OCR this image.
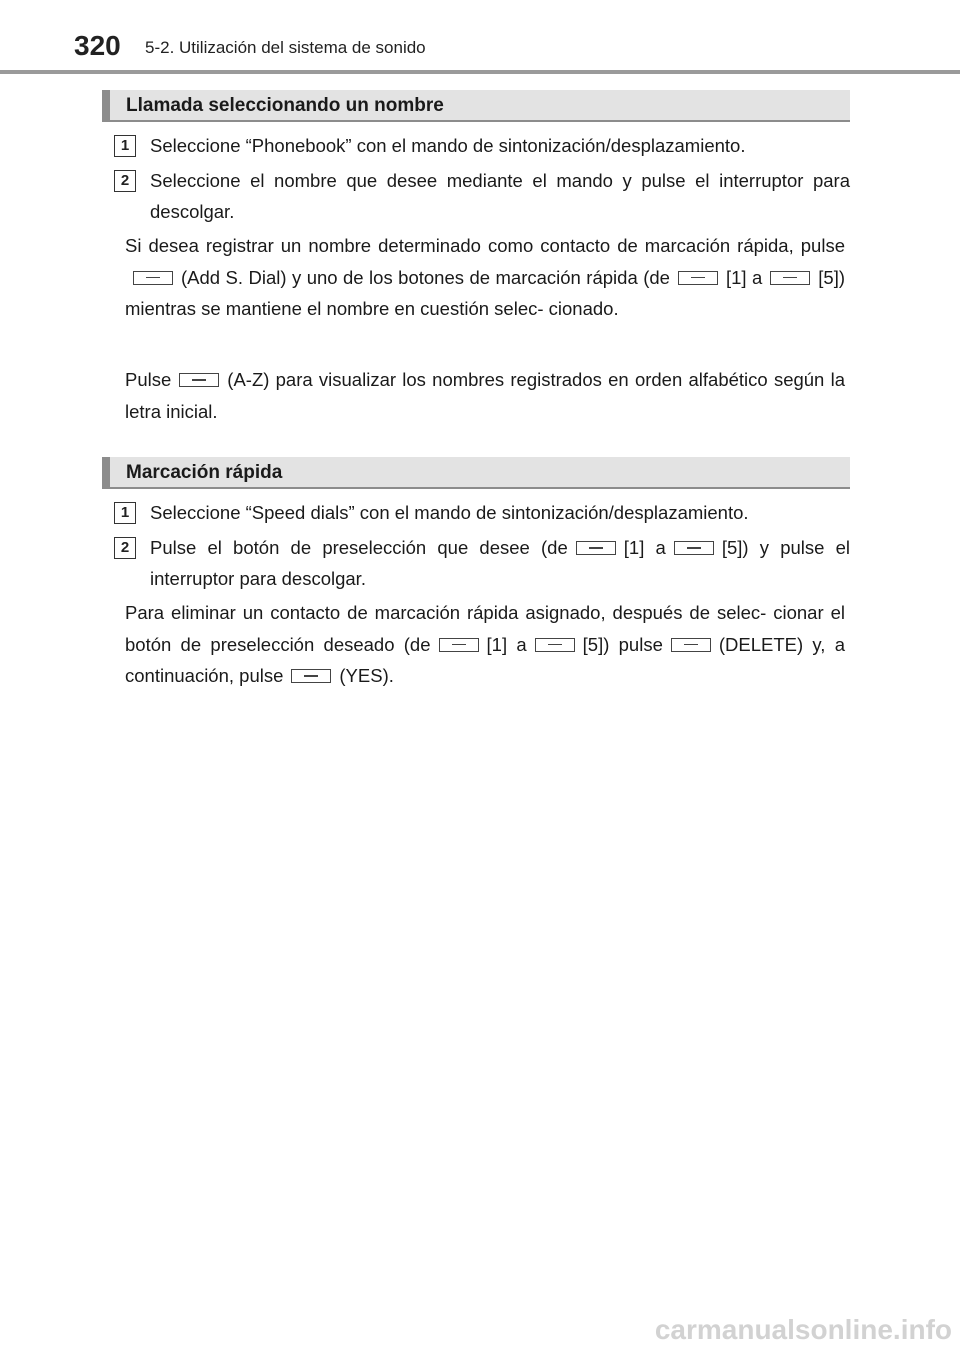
320 5-2. Utilización del sistema de sonido
Llamada seleccionando un nombre
1	Seleccione “Phonebook” con el mando de sintonización/desplazamiento.
2	Seleccione el nombre que desee mediante el mando y pulse el interruptor para descolgar.
Si desea registrar un nombre determinado como contacto de marcación rápida, pulse(Add S. Dial) y uno de los botones de marcación rápida (de	[1] a	[5]) mientras se mantiene el nombre en cuestión selec- cionado.
Pulse	(A-Z) para visualizar los nombres registrados en orden alfabético según la letra inicial.
Marcación rápida
1	Seleccione “Speed dials” con el mando de sintonización/desplazamiento.
2	Pulse el botón de preselección que desee (de	[1] a	[5]) y pulse el interruptor para descolgar.
Para eliminar un contacto de marcación rápida asignado, después de selec- cionar el botón de preselección deseado (de	[1] a	[5]) pulse	(DELETE) y, a continuación, pulse	(YES).
carmanualsonline.info
